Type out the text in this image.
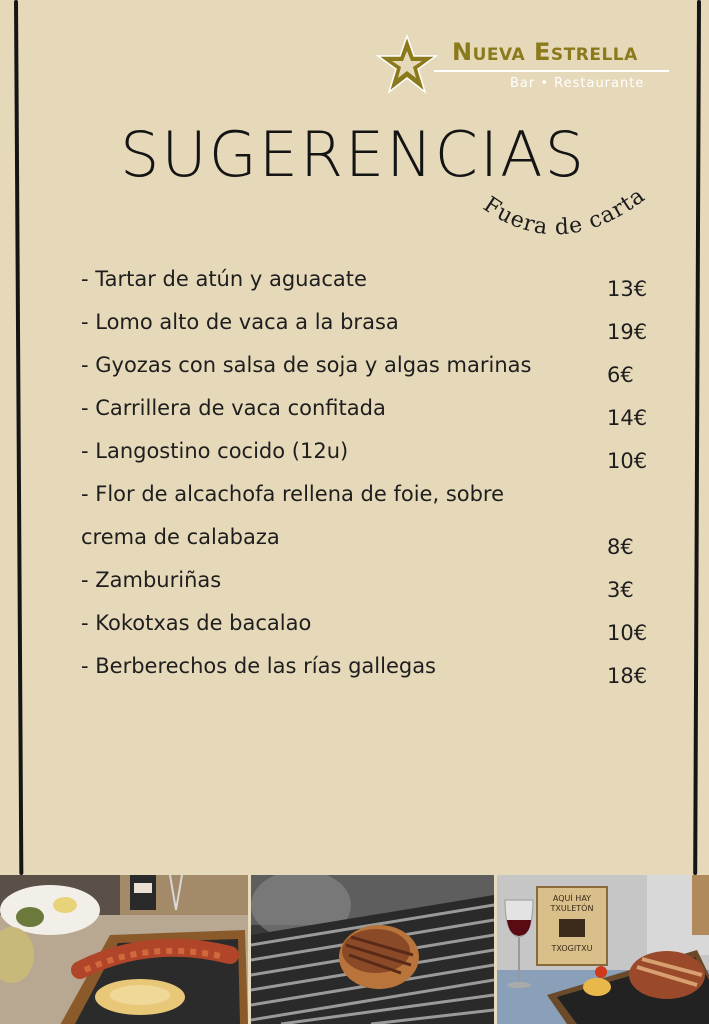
Nueva Estrella
Bar • Restaurante
SUGERENCIAS
Fuera de carta
- Tartar de atún y aguacate	13€
- Lomo alto de vaca a la brasa	19€
- Gyozas con salsa de soja y algas marinas	6€
- Carrillera de vaca confitada	14€
- Langostino cocido (12u)	10€
- Flor de alcachofa rellena de foie, sobre crema de calabaza	8€
- Zamburiñas	3€
- Kokotxas de bacalao	10€
- Berberechos de las rías gallegas	18€
AQUÍ HAY
TXULETÓN
TXOGITXU
